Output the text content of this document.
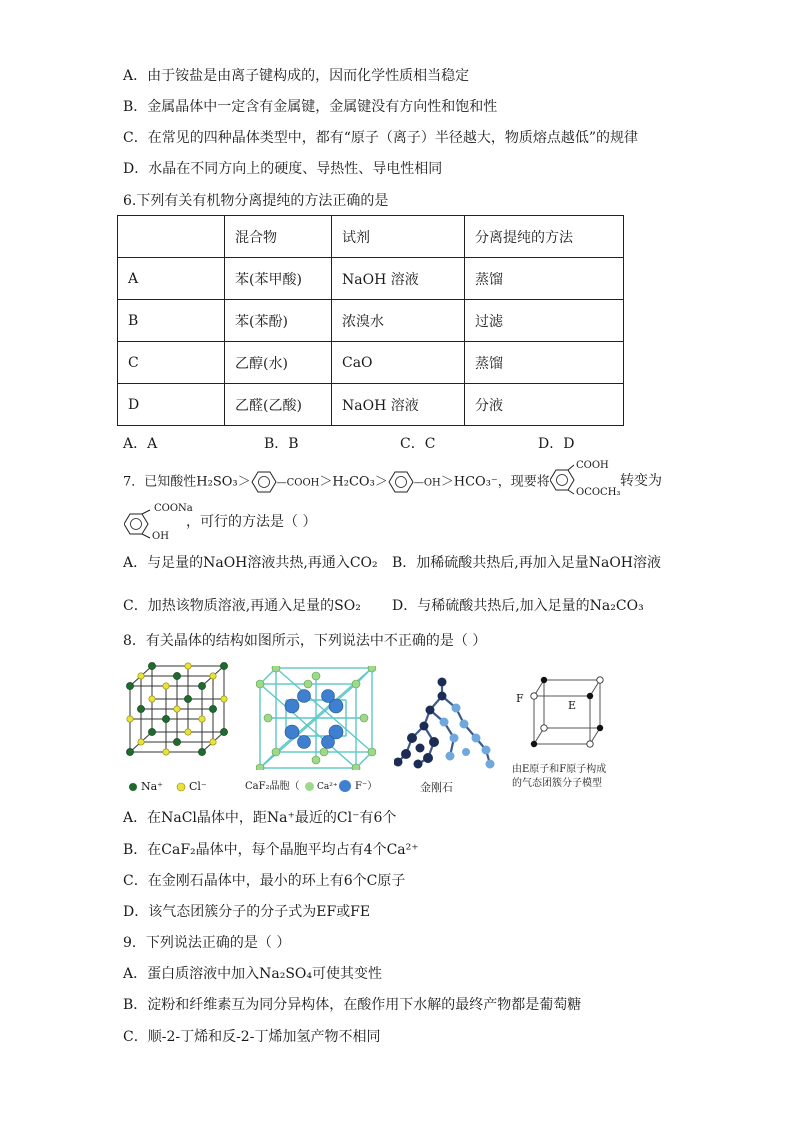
A．由于铵盐是由离子键构成的，因而化学性质相当稳定
B．金属晶体中一定含有金属键，金属键没有方向性和饱和性
C．在常见的四种晶体类型中，都有“原子（离子）半径越大，物质熔点越低”的规律
D．水晶在不同方向上的硬度、导热性、导电性相同
6.下列有关有机物分离提纯的方法正确的是
	混合物	试剂	分离提纯的方法
A	苯(苯甲酸)	NaOH 溶液	蒸馏
B	苯(苯酚)	浓溴水	过滤
C	乙醇(水)	CaO	蒸馏
D	乙醛(乙酸)	NaOH 溶液	分液
A．A	B．B	C．C	D．D
7．已知酸性H₂SO₃＞	—COOH＞H₂CO₃＞	—OH＞HCO₃⁻，现要将
COOH
OCOCH₃
转变为
COONa
OH
，可行的方法是（ ）
A．与足量的NaOH溶液共热,再通入CO₂ B．加稀硫酸共热后,再加入足量NaOH溶液
C．加热该物质溶液,再通入足量的SO₂ D．与稀硫酸共热后,加入足量的Na₂CO₃
8．有关晶体的结构如图所示，下列说法中不正确的是（ ）
Na⁺ Cl⁻	CaF₂晶胞（ Ca²⁺ F⁻）	金刚石
F
E
由E原子和F原子构成
的气态团簇分子模型
A．在NaCl晶体中，距Na⁺最近的Cl⁻有6个
B．在CaF₂晶体中，每个晶胞平均占有4个Ca²⁺
C．在金刚石晶体中，最小的环上有6个C原子
D．该气态团簇分子的分子式为EF或FE
9．下列说法正确的是（ ）
A．蛋白质溶液中加入Na₂SO₄可使其变性
B．淀粉和纤维素互为同分异构体，在酸作用下水解的最终产物都是葡萄糖
C．顺-2-丁烯和反-2-丁烯加氢产物不相同
